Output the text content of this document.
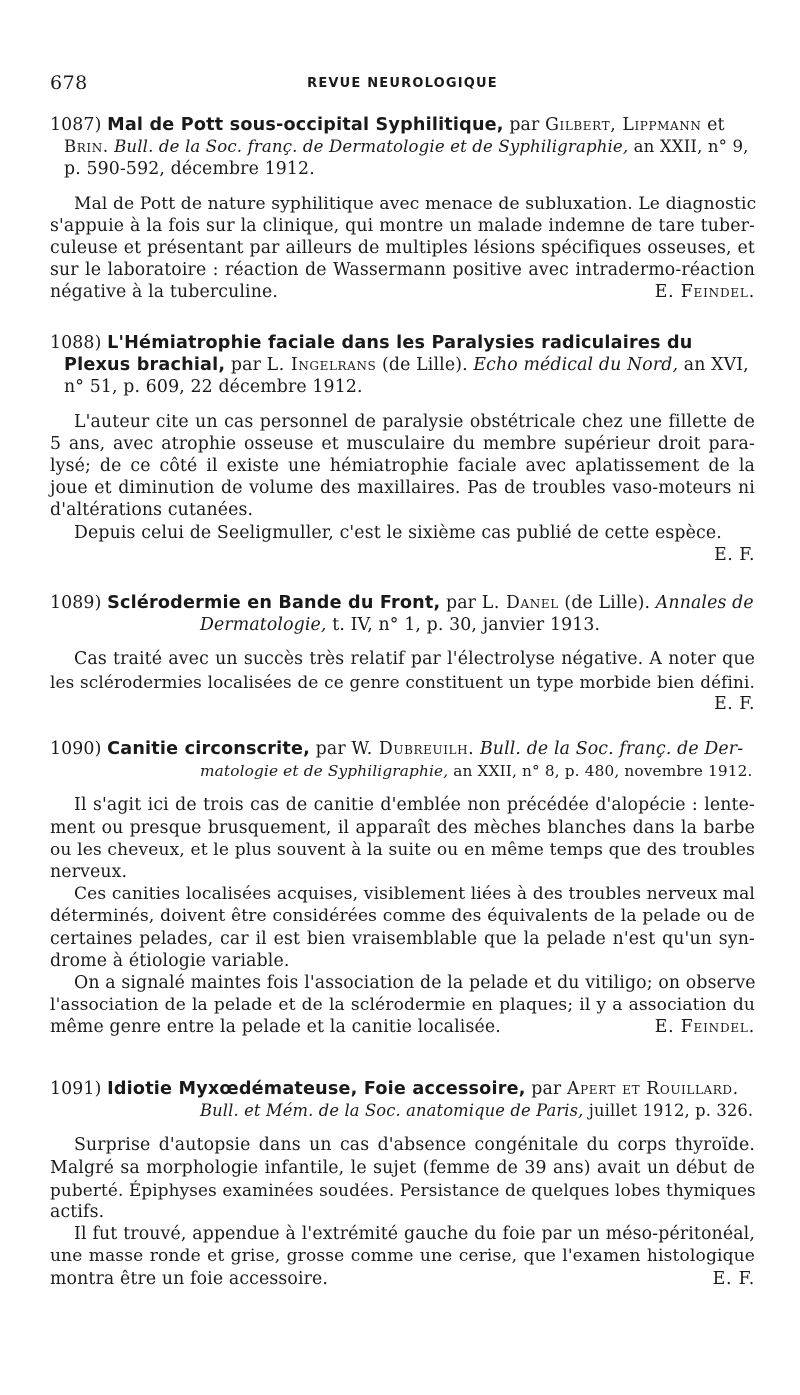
678	REVUE NEUROLOGIQUE
1087) Mal de Pott sous-occipital Syphilitique, par Gilbert, Lippmann et
Brin. Bull. de la Soc. franç. de Dermatologie et de Syphiligraphie, an XXII, n° 9,
p. 590-592, décembre 1912.
Mal de Pott de nature syphilitique avec menace de subluxation. Le diagnostic
s'appuie à la fois sur la clinique, qui montre un malade indemne de tare tuber-
culeuse et présentant par ailleurs de multiples lésions spécifiques osseuses, et
sur le laboratoire : réaction de Wassermann positive avec intradermo-réaction
négative à la tuberculine.	E. Feindel.
1088) L'Hémiatrophie faciale dans les Paralysies radiculaires du
Plexus brachial, par L. Ingelrans (de Lille). Echo médical du Nord, an XVI,
n° 51, p. 609, 22 décembre 1912.
L'auteur cite un cas personnel de paralysie obstétricale chez une fillette de
5 ans, avec atrophie osseuse et musculaire du membre supérieur droit para-
lysé; de ce côté il existe une hémiatrophie faciale avec aplatissement de la
joue et diminution de volume des maxillaires. Pas de troubles vaso-moteurs ni
d'altérations cutanées.
Depuis celui de Seeligmuller, c'est le sixième cas publié de cette espèce.
E. F.
1089) Sclérodermie en Bande du Front, par L. Danel (de Lille). Annales de
Dermatologie, t. IV, n° 1, p. 30, janvier 1913.
Cas traité avec un succès très relatif par l'électrolyse négative. A noter que
les sclérodermies localisées de ce genre constituent un type morbide bien défini.
E. F.
1090) Canitie circonscrite, par W. Dubreuilh. Bull. de la Soc. franç. de Der-
matologie et de Syphiligraphie, an XXII, n° 8, p. 480, novembre 1912.
Il s'agit ici de trois cas de canitie d'emblée non précédée d'alopécie : lente-
ment ou presque brusquement, il apparaît des mèches blanches dans la barbe
ou les cheveux, et le plus souvent à la suite ou en même temps que des troubles
nerveux.
Ces canities localisées acquises, visiblement liées à des troubles nerveux mal
déterminés, doivent être considérées comme des équivalents de la pelade ou de
certaines pelades, car il est bien vraisemblable que la pelade n'est qu'un syn-
drome à étiologie variable.
On a signalé maintes fois l'association de la pelade et du vitiligo; on observe
l'association de la pelade et de la sclérodermie en plaques; il y a association du
même genre entre la pelade et la canitie localisée.	E. Feindel.
1091) Idiotie Myxœdémateuse, Foie accessoire, par Apert et Rouillard.
Bull. et Mém. de la Soc. anatomique de Paris, juillet 1912, p. 326.
Surprise d'autopsie dans un cas d'absence congénitale du corps thyroïde.
Malgré sa morphologie infantile, le sujet (femme de 39 ans) avait un début de
puberté. Épiphyses examinées soudées. Persistance de quelques lobes thymiques
actifs.
Il fut trouvé, appendue à l'extrémité gauche du foie par un méso-péritonéal,
une masse ronde et grise, grosse comme une cerise, que l'examen histologique
montra être un foie accessoire.	E. F.
